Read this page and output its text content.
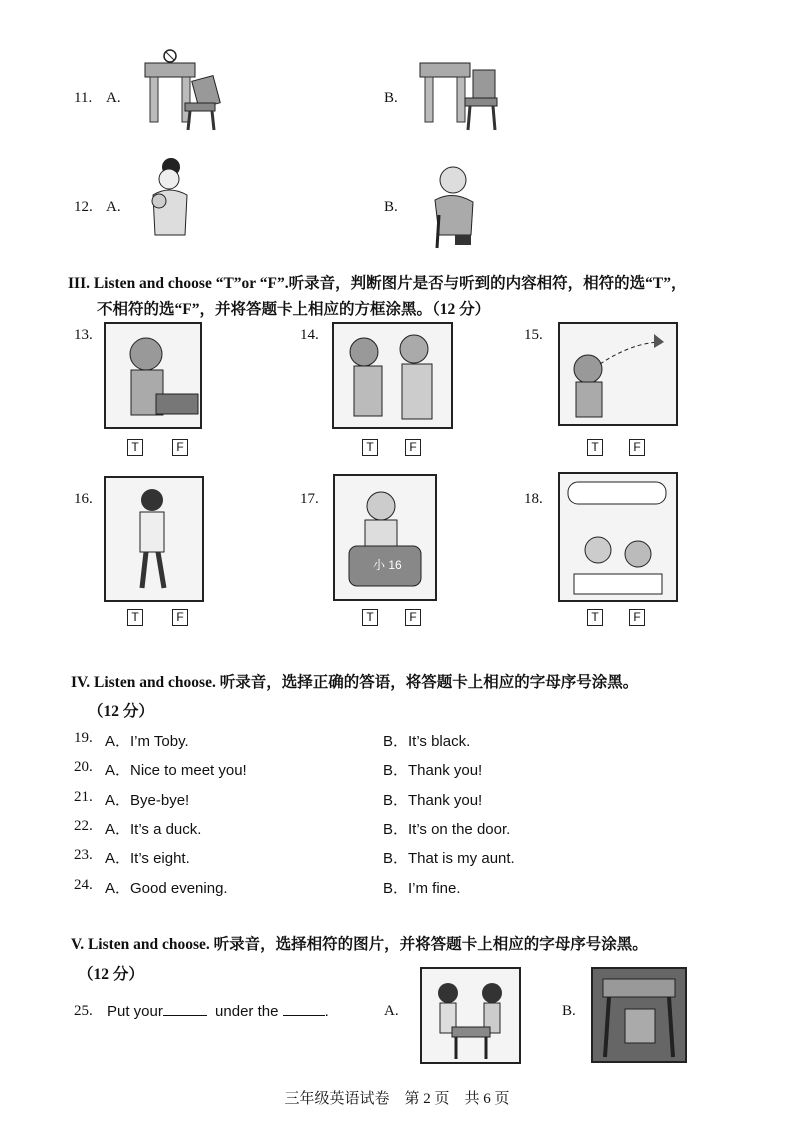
11. A.	B.
12. A.	B.
III. Listen and choose “T”or “F”.听录音，判断图片是否与听到的内容相符，相符的选“T”，
不相符的选“F”，并将答题卡上相应的方框涂黑。（12 分）
13.
T	F
14.
T	F
15.
T	F
16.
T	F
17.
小 16
T	F
18.
T	F
IV. Listen and choose. 听录音，选择正确的答语，将答题卡上相应的字母序号涂黑。
（12 分）
19. A．I’m Toby.	B．It’s black.
20. A．Nice to meet you!	B．Thank you!
21. A．Bye-bye!	B．Thank you!
22. A．It’s a duck.	B．It’s on the door.
23. A．It’s eight.	B．That is my aunt.
24. A．Good evening.	B．I’m fine.
V. Listen and choose. 听录音，选择相符的图片，并将答题卡上相应的字母序号涂黑。
（12 分）
25. Put your	under the	.	A.	B.
三年级英语试卷　第 2 页　共 6 页
